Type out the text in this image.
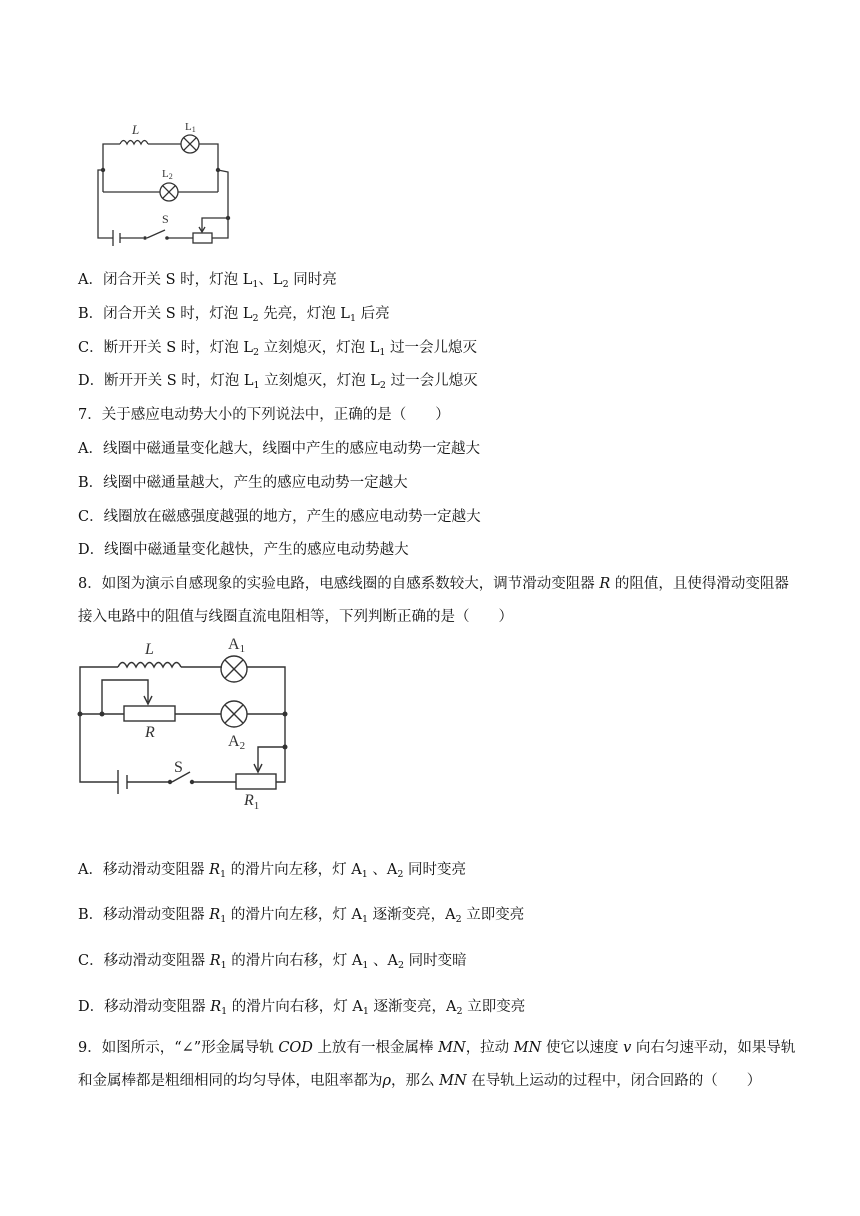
L	L1
L2
S
A．闭合开关 S 时，灯泡 $L_1$、$L_2$ 同时亮
B．闭合开关 S 时，灯泡 $L_2$ 先亮，灯泡 $L_1$ 后亮
C．断开开关 S 时，灯泡 $L_2$ 立刻熄灭，灯泡 $L_1$ 过一会儿熄灭
D．断开开关 S 时，灯泡 $L_1$ 立刻熄灭，灯泡 $L_2$ 过一会儿熄灭
7．关于感应电动势大小的下列说法中，正确的是（　　）
A．线圈中磁通量变化越大，线圈中产生的感应电动势一定越大
B．线圈中磁通量越大，产生的感应电动势一定越大
C．线圈放在磁感强度越强的地方，产生的感应电动势一定越大
D．线圈中磁通量变化越快，产生的感应电动势越大
8．如图为演示自感现象的实验电路，电感线圈的自感系数较大，调节滑动变阻器 R 的阻值，且使得滑动变阻器接入电路中的阻值与线圈直流电阻相等，下列判断正确的是（　　）
L	A1
R
A2
S
$R_1$
A．移动滑动变阻器 $R_1$ 的滑片向左移，灯 $A_1$ 、$A_2$ 同时变亮
B．移动滑动变阻器 $R_1$ 的滑片向左移，灯 $A_1$ 逐渐变亮，$A_2$ 立即变亮
C．移动滑动变阻器 $R_1$ 的滑片向右移，灯 $A_1$ 、$A_2$ 同时变暗
D．移动滑动变阻器 $R_1$ 的滑片向右移，灯 $A_1$ 逐渐变亮，$A_2$ 立即变亮
9．如图所示，“∠”形金属导轨 COD 上放有一根金属棒 MN，拉动 MN 使它以速度 v 向右匀速平动，如果导轨和金属棒都是粗细相同的均匀导体，电阻率都为ρ，那么 MN 在导轨上运动的过程中，闭合回路的（　　）
